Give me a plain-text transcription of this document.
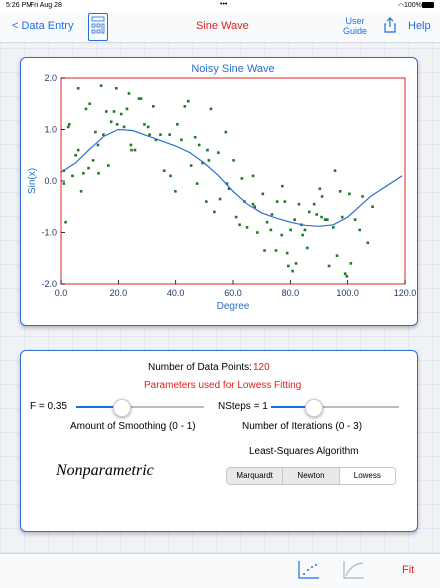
5:26 PM
Fri Aug 28	•••	◠ 100%
< Data Entry	Sine Wave	User
Guide	Help
Noisy Sine Wave
0.0	20.0	40.0	60.0	80.0	100.0	120.0
2.0
1.0
0.0
-1.0
-2.0
Degree
Sin(x)
Number of Data Points: 120
Parameters used for Lowess Fitting
F = 0.35
Amount of Smoothing (0 - 1)
NSteps = 1
Number of Iterations (0 - 3)
Least-Squares Algorithm
Nonparametric	Marquardt	Newton	Lowess
Fit
